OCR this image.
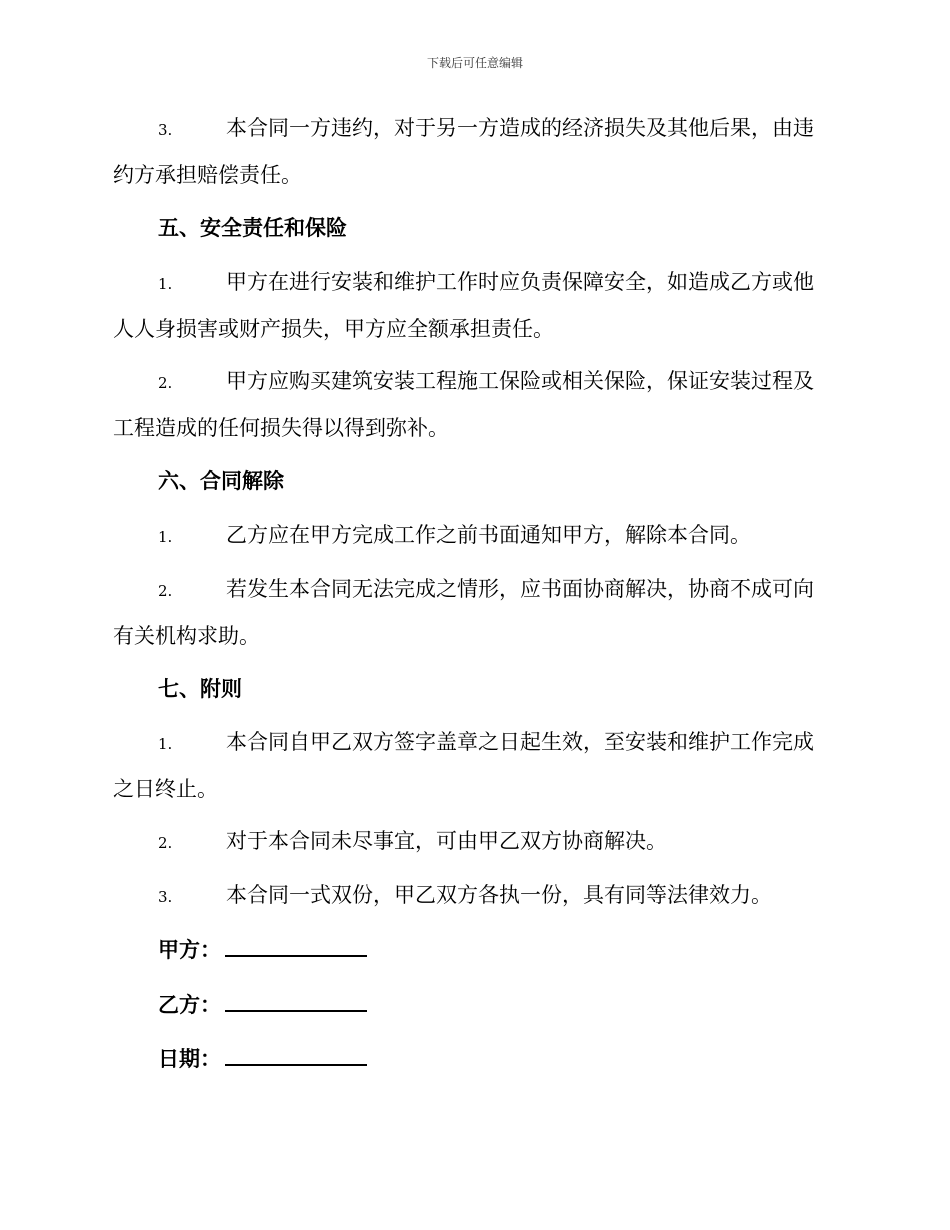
下载后可任意编辑
3.	本合同一方违约，对于另一方造成的经济损失及其他后果，由违约方承担赔偿责任。
五、安全责任和保险
1.	甲方在进行安装和维护工作时应负责保障安全，如造成乙方或他人人身损害或财产损失，甲方应全额承担责任。
2.	甲方应购买建筑安装工程施工保险或相关保险，保证安装过程及工程造成的任何损失得以得到弥补。
六、合同解除
1.	乙方应在甲方完成工作之前书面通知甲方，解除本合同。
2.	若发生本合同无法完成之情形，应书面协商解决，协商不成可向有关机构求助。
七、附则
1.	本合同自甲乙双方签字盖章之日起生效，至安装和维护工作完成之日终止。
2.	对于本合同未尽事宜，可由甲乙双方协商解决。
3.	本合同一式双份，甲乙双方各执一份，具有同等法律效力。
甲方：
乙方：
日期：
